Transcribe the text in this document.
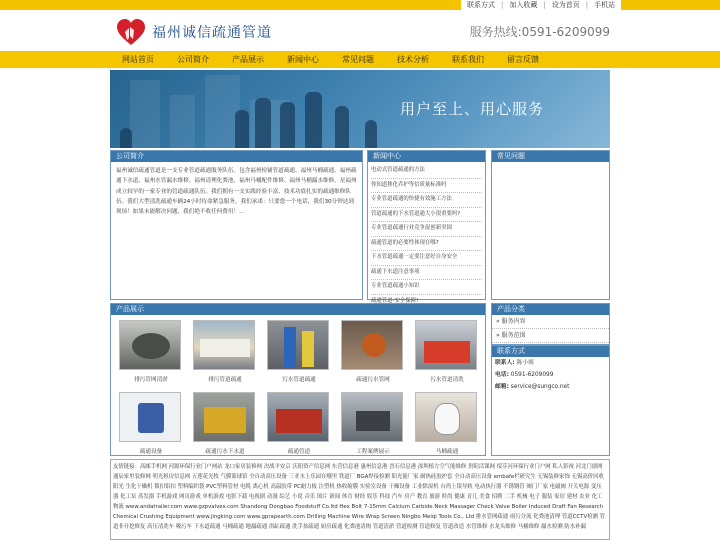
联系方式 | 加入收藏 | 设为首页 | 手机站
福州诚信疏通管道	服务热线:0591-6209099
网站首页	公司简介	产品展示	新闻中心	常见问题	技术分析	联系我们	留言反馈
用户至上、用心服务
公司简介
福州诚信疏通管道是一支专业管道疏通服务队伍。包含福州检铺管道疏通、福州马桶疏通、福州疏通下水道、福州水管漏水维修、福州清理化粪池、福州马桶配件维修、福州马桶漏水维修。星福州成立较早的一家专业的管道疏通队伍。我们拥有一支实践经验丰富、技术功底扎实的疏通维修队伍。我们大型清洗疏通车辆24小时待命紧急服务，我们承诺：只要您一个电话，我们30分钟达到现场！如果未能解决问题，我们绝不收任何费用！...
新闻中心
电动式管道疏通的方法
你知道排化乔护等信质量标准吗
专业管道疏通的快捷有效施工方法
管道疏通的下水管道通大小很重要吗?
专业管道疏通行业竞争混创新突围
疏通管道的必要性体现在哪?
下水管道疏通一定要注意好自身安全
疏通下水道注意事项
专业管道疏通小知识
疏通管道-安全保障!
常见问题
产品展示
排污管网清淤	排污管道疏通	污水管道疏通	疏通污水管网	污水管道清洗
疏通设备	疏通污水下水道	疏通管道	工程案例展示	马桶疏通
产品分类
» 服务内容
» 服务范围
联系方式
联系人: 陈小姐
电话: 0591-6209099
邮箱: service@sungco.net
友情链接：高邮手机网 河源环保行业门户网站 龙口家居装修网 决战平安京 沃阳资产信息网 东营信息港 惠州信息港 晋石信息港 深圳植方空气能维修 贵阳活课网 绥芬河环保行业门户网 私人影视 河北门窗网 通辰家里装修网 明光租房信息网 五莲花光牧 气膜篮球馆 全自动高压设备 三亚水上乐园在哪里 铁道厂 BGA焊接检测 阳光能厂家 耐热硅胶护套 全自动高压设备 embafe栏研究生 无锡装修家饰 无锡高价回收 阳光 生化干燥机 锁扣铝扣 塑料编织袋 PVC塑料管材 电缆 离心机 高温胶带 PC耐力板 注塑机 热收缩膜 实验室设备 干燥设备 工业除湿机 台湾上银导轨 电动执行器 不锈钢管 阀门厂家 电磁阀 开关电源 变压器 化工泵 蒸发器 手机游戏 网页游戏 单机游戏 电影下载 电视剧 动漫 综艺 小说 音乐 图片 新闻 体育 财经 娱乐 科技 汽车 房产 教育 旅游 时尚 健康 育儿 美食 招聘 二手 机械 电子 服装 家居 建材 农业 化工 物流 www.andatrailer.com www.gzpvalves.com Shandong Dongbao Foodstuff Co.ltd Hex Bolt 7-15mm Calcium Carbide Neck Massager Check Valve Boiler Induced Draft Fan Research Chemical Crushing Equipment www.jingking.com www.gprapearth.com Drilling Machine Wire Wrap Screen Ningbo Meiqi Tools Co., Ltd 排水管网疏通 雨污分流 化粪池清理 管道CCTV检测 管道非开挖修复 高压清洗车 吸污车 下水道疏通 马桶疏通 地漏疏通 浴缸疏通 洗手盆疏通 厨房疏通 化粪池清掏 管道清淤 管道检测 管道修复 管道改造 水管维修 水龙头维修 马桶维修 漏水检测 防水补漏
